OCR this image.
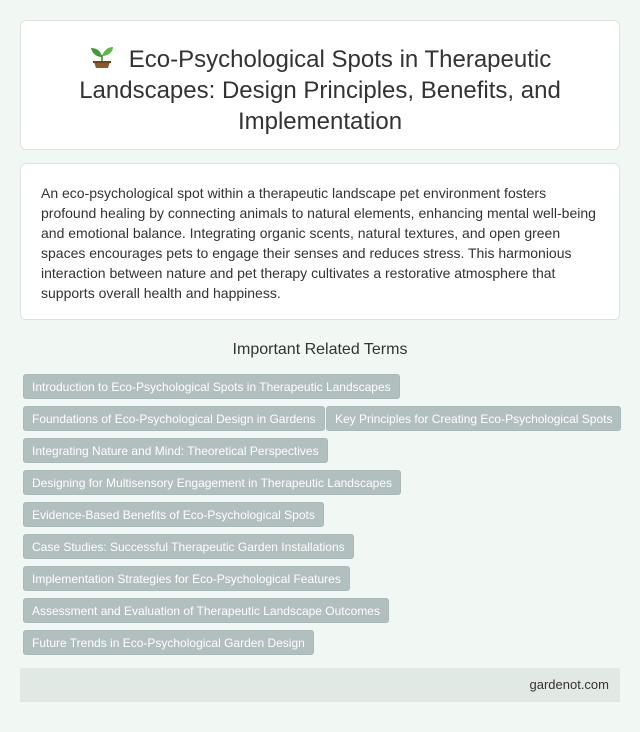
Eco-Psychological Spots in Therapeutic Landscapes: Design Principles, Benefits, and Implementation

An eco-psychological spot within a therapeutic landscape pet environment fosters profound healing by connecting animals to natural elements, enhancing mental well-being and emotional balance. Integrating organic scents, natural textures, and open green spaces encourages pets to engage their senses and reduces stress. This harmonious interaction between nature and pet therapy cultivates a restorative atmosphere that supports overall health and happiness.

Important Related Terms
Introduction to Eco-Psychological Spots in Therapeutic Landscapes
Foundations of Eco-Psychological Design in Gardens	Key Principles for Creating Eco-Psychological Spots
Integrating Nature and Mind: Theoretical Perspectives
Designing for Multisensory Engagement in Therapeutic Landscapes
Evidence-Based Benefits of Eco-Psychological Spots
Case Studies: Successful Therapeutic Garden Installations
Implementation Strategies for Eco-Psychological Features
Assessment and Evaluation of Therapeutic Landscape Outcomes
Future Trends in Eco-Psychological Garden Design
gardenot.com
